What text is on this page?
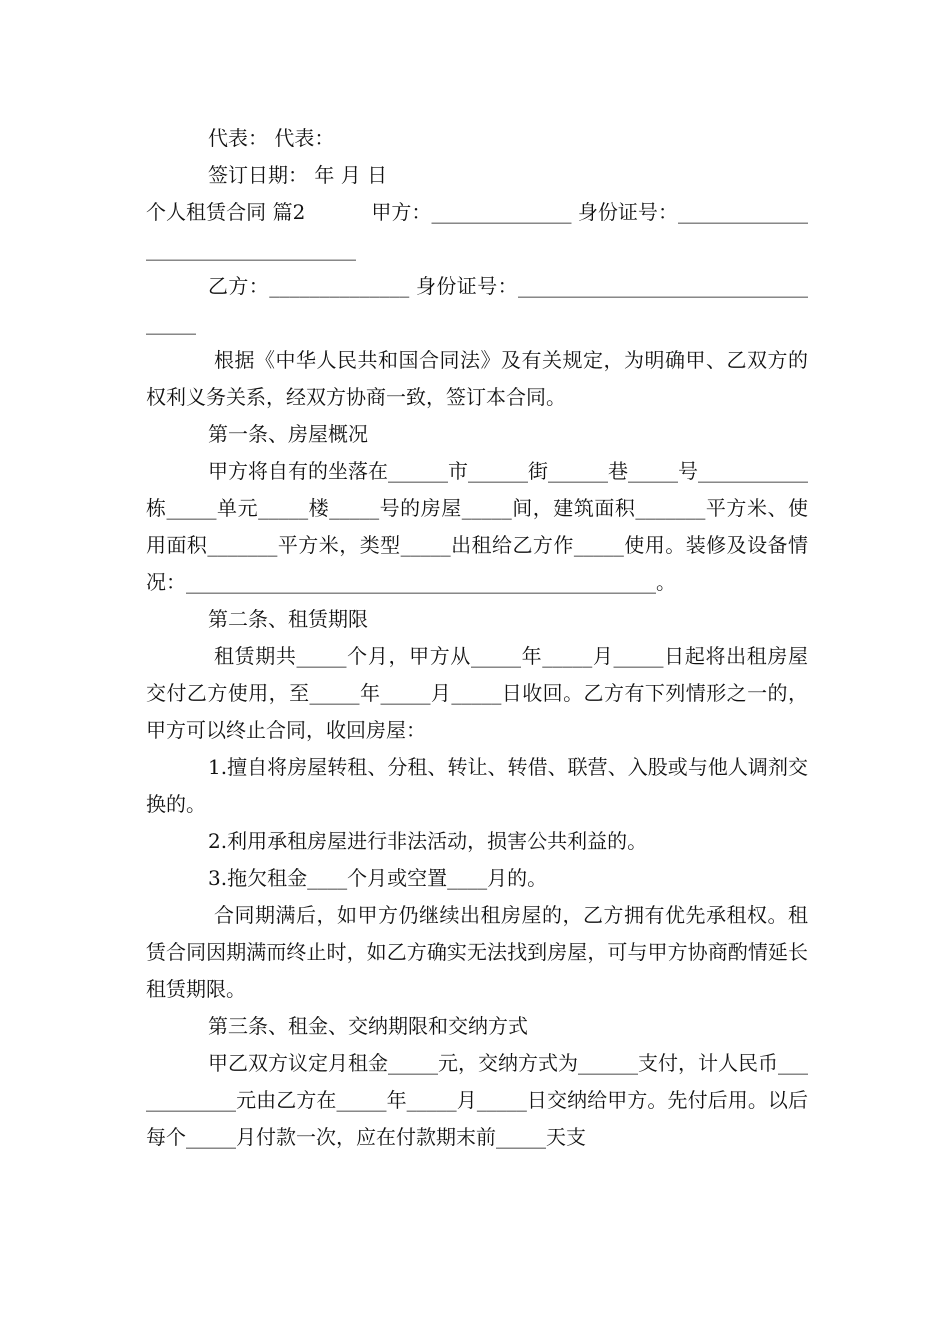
代表： 代表：

签订日期： 年 月 日

个人租赁合同 篇2	甲方：______________ 身份证号：__________________________________

乙方：______________ 身份证号：__________________________________

根据《中华人民共和国合同法》及有关规定，为明确甲、乙双方的权利义务关系，经双方协商一致，签订本合同。

第一条、房屋概况

甲方将自有的坐落在______市______街______巷_____号___________栋_____单元_____楼_____号的房屋_____间，建筑面积_______平方米、使用面积_______平方米，类型_____出租给乙方作_____使用。装修及设备情况：_______________________________________________。

第二条、租赁期限

租赁期共_____个月，甲方从_____年_____月_____日起将出租房屋交付乙方使用，至_____年_____月_____日收回。乙方有下列情形之一的，甲方可以终止合同，收回房屋：

1.擅自将房屋转租、分租、转让、转借、联营、入股或与他人调剂交换的。

2.利用承租房屋进行非法活动，损害公共利益的。

3.拖欠租金____个月或空置____月的。

合同期满后，如甲方仍继续出租房屋的，乙方拥有优先承租权。租赁合同因期满而终止时，如乙方确实无法找到房屋，可与甲方协商酌情延长租赁期限。

第三条、租金、交纳期限和交纳方式

甲乙双方议定月租金_____元，交纳方式为______支付，计人民币____________元由乙方在_____年_____月_____日交纳给甲方。先付后用。以后每个_____月付款一次，应在付款期末前_____天支
